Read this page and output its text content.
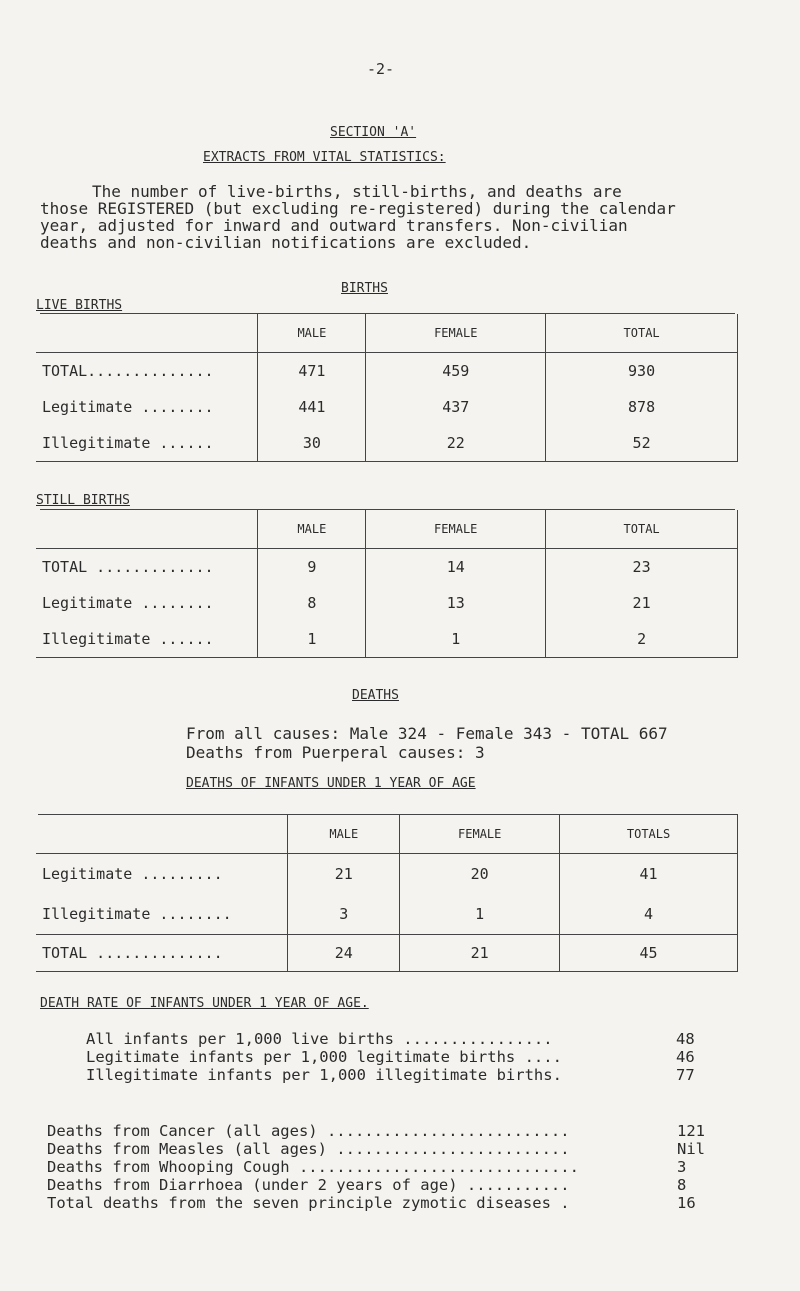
-2-
SECTION 'A'
EXTRACTS FROM VITAL STATISTICS:
The number of live-births, still-births, and deaths are
those REGISTERED (but excluding re-registered) during the calendar
year, adjusted for inward and outward transfers. Non-civilian
deaths and non-civilian notifications are excluded.
BIRTHS
LIVE BIRTHS
	MALE	FEMALE	TOTAL
TOTAL..............	471	459	930
Legitimate ........	441	437	878
Illegitimate ......	30	22	52
STILL BIRTHS
	MALE	FEMALE	TOTAL
TOTAL .............	9	14	23
Legitimate ........	8	13	21
Illegitimate ......	1	1	2
DEATHS
From all causes: Male 324 - Female 343 - TOTAL 667
Deaths from Puerperal causes: 3
DEATHS OF INFANTS UNDER 1 YEAR OF AGE
	MALE	FEMALE	TOTALS
Legitimate .........	21	20	41
Illegitimate ........	3	1	4
TOTAL ..............	24	21	45
DEATH RATE OF INFANTS UNDER 1 YEAR OF AGE.
All infants per 1,000 live births ................	48
Legitimate infants per 1,000 legitimate births ....	46
Illegitimate infants per 1,000 illegitimate births.	77
Deaths from Cancer (all ages) ..........................	121
Deaths from Measles (all ages) .........................	Nil
Deaths from Whooping Cough ..............................	3
Deaths from Diarrhoea (under 2 years of age) ...........	8
Total deaths from the seven principle zymotic diseases .	16
